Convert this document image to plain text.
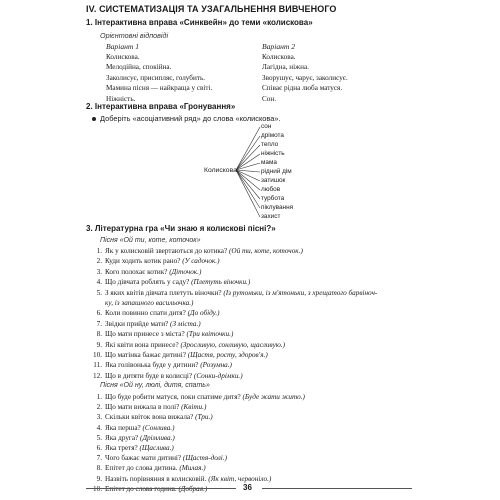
IV. СИСТЕМАТИЗАЦІЯ ТА УЗАГАЛЬНЕННЯ ВИВЧЕНОГО
1. Інтерактивна вправа «Синквейн» до теми «колискова»
Орієнтовні відповіді
Варіант 1
Колискова.
Мелодійна, спокійна.
Заколисує, присипляє, голубить.
Мамина пісня — найкраща у світі.
Ніжність.
Варіант 2
Колискова.
Лагідна, ніжна.
Зворушує, чарує, заколисує.
Співає рідна люба матуся.
Сон.
2. Інтерактивна вправа «Гронування»
Доберіть «асоціативний ряд» до слова «колискова».
Колискова
сон
дрімота
тепло
ніжність
мама
рідний дім
затишок
любов
турбота
піклування
захист
3. Літературна гра «Чи знаю я колискові пісні?»
Пісня «Ой ти, коте, коточок»
1. Як у колисковій звертаються до котика? (Ой ти, коте, коточок.)
2. Куди ходить котик рано? (У садочок.)
3. Кого полохає котик? (Діточок.)
4. Що дівчата роблять у саду? (Плетуть віночки.)
5. З яких квітів дівчата плетуть віночки? (Із рутоньки, із м'ятоньки, з хрещатого барвіноч-
ку, із запашного васильочка.)
6. Коли повинно спати дитя? (До обіду.)
7. Звідки прийде мати? (З міста.)
8. Що мати принесе з міста? (Три квіточки.)
9. Які квіти вона принесе? (Зросливую, сонливую, щасливую.)
10. Що матінка бажає дитині? (Щастя, росту, здоров'я.)
11. Яка голівонька буде у дитини? (Розумна.)
12. Що в дитяти буде в колисці? (Сонки-дрімки.)
Пісня «Ой ну, люлі, дитя, спать»
1. Що буде робити матуся, поки спатиме дитя? (Буде жати жито.)
2. Що мати вижала в полі? (Квіти.)
3. Скільки квіток вона вижала? (Три.)
4. Яка перша? (Сонлива.)
5. Яка друга? (Дрімлива.)
6. Яка третя? (Щаслива.)
7. Чого бажає мати дитині? (Щастя-долі.)
8. Епітет до слова дитина. (Милая.)
9. Назвіть порівняння в колисковій. (Як квіт, червоніло.)
36
